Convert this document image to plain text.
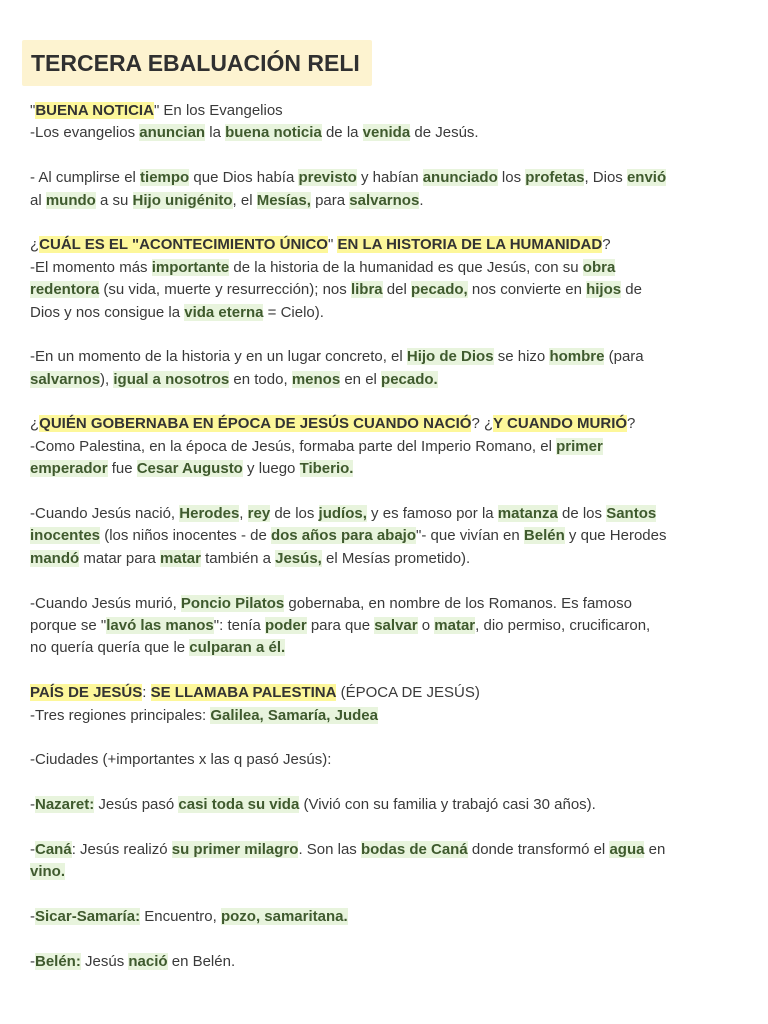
TERCERA EBALUACIÓN RELI
"BUENA NOTICIA" En los Evangelios
-Los evangelios anuncian la buena noticia de la venida de Jesús.
- Al cumplirse el tiempo que Dios había previsto y habían anunciado los profetas, Dios envió
al mundo a su Hijo unigénito, el Mesías, para salvarnos.
¿CUÁL ES EL "ACONTECIMIENTO ÚNICO" EN LA HISTORIA DE LA HUMANIDAD?
-El momento más importante de la historia de la humanidad es que Jesús, con su obra
redentora (su vida, muerte y resurrección); nos libra del pecado, nos convierte en hijos de
Dios y nos consigue la vida eterna = Cielo).
-En un momento de la historia y en un lugar concreto, el Hijo de Dios se hizo hombre (para
salvarnos), igual a nosotros en todo, menos en el pecado.
¿QUIÉN GOBERNABA EN ÉPOCA DE JESÚS CUANDO NACIÓ? ¿Y CUANDO MURIÓ?
-Como Palestina, en la época de Jesús, formaba parte del Imperio Romano, el primer
emperador fue Cesar Augusto y luego Tiberio.
-Cuando Jesús nació, Herodes, rey de los judíos, y es famoso por la matanza de los Santos
inocentes (los niños inocentes - de dos años para abajo"- que vivían en Belén y que Herodes
mandó matar para matar también a Jesús, el Mesías prometido).
-Cuando Jesús murió, Poncio Pilatos gobernaba, en nombre de los Romanos. Es famoso
porque se "lavó las manos": tenía poder para que salvar o matar, dio permiso, crucificaron,
no quería quería que le culparan a él.
PAÍS DE JESÚS: SE LLAMABA PALESTINA (ÉPOCA DE JESÚS)
-Tres regiones principales: Galilea, Samaría, Judea
-Ciudades (+importantes x las q pasó Jesús):
-Nazaret: Jesús pasó casi toda su vida (Vivió con su familia y trabajó casi 30 años).
-Caná: Jesús realizó su primer milagro. Son las bodas de Caná donde transformó el agua en
vino.
-Sicar-Samaría: Encuentro, pozo, samaritana.
-Belén: Jesús nació en Belén.
